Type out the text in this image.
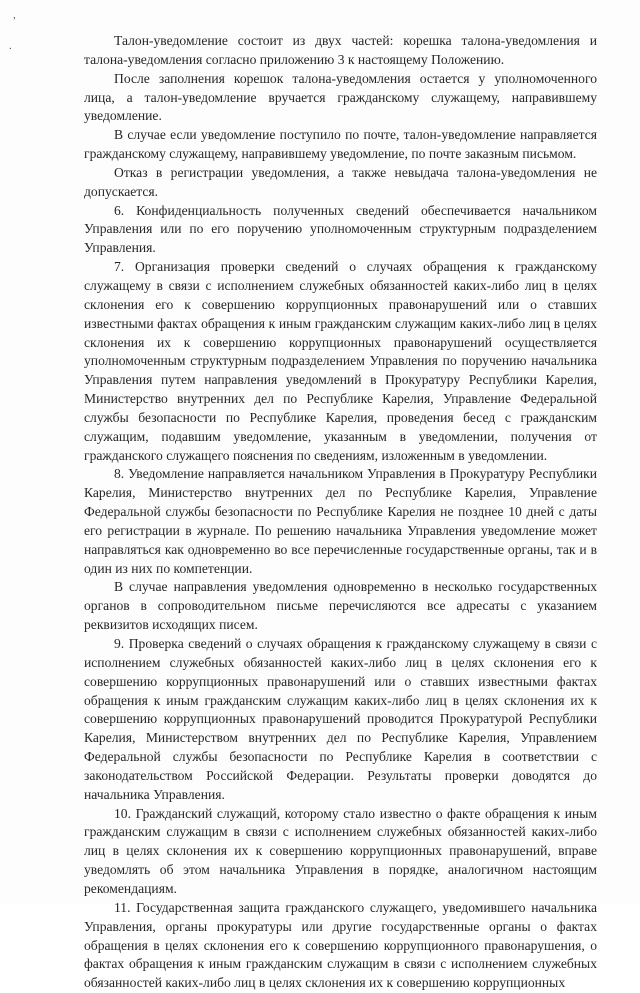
,
.	Талон-уведомление состоит из двух частей: корешка талона-уведомления и талона-уведомления согласно приложению 3 к настоящему Положению.

После заполнения корешок талона-уведомления остается у уполномоченного лица, а талон-уведомление вручается гражданскому служащему, направившему уведомление.

В случае если уведомление поступило по почте, талон-уведомление направляется гражданскому служащему, направившему уведомление, по почте заказным письмом.

Отказ в регистрации уведомления, а также невыдача талона-уведомления не допускается.

6. Конфиденциальность полученных сведений обеспечивается начальником Управления или по его поручению уполномоченным структурным подразделением Управления.

7. Организация проверки сведений о случаях обращения к гражданскому служащему в связи с исполнением служебных обязанностей каких-либо лиц в целях склонения его к совершению коррупционных правонарушений или о ставших известными фактах обращения к иным гражданским служащим каких-либо лиц в целях склонения их к совершению коррупционных правонарушений осуществляется уполномоченным структурным подразделением Управления по поручению начальника Управления путем направления уведомлений в Прокуратуру Республики Карелия, Министерство внутренних дел по Республике Карелия, Управление Федеральной службы безопасности по Республике Карелия, проведения бесед с гражданским служащим, подавшим уведомление, указанным в уведомлении, получения от гражданского служащего пояснения по сведениям, изложенным в уведомлении.

8. Уведомление направляется начальником Управления в Прокуратуру Республики Карелия, Министерство внутренних дел по Республике Карелия, Управление Федеральной службы безопасности по Республике Карелия не позднее 10 дней с даты его регистрации в журнале. По решению начальника Управления уведомление может направляться как одновременно во все перечисленные государственные органы, так и в один из них по компетенции.

В случае направления уведомления одновременно в несколько государственных органов в сопроводительном письме перечисляются все адресаты с указанием реквизитов исходящих писем.

9. Проверка сведений о случаях обращения к гражданскому служащему в связи с исполнением служебных обязанностей каких-либо лиц в целях склонения его к совершению коррупционных правонарушений или о ставших известными фактах обращения к иным гражданским служащим каких-либо лиц в целях склонения их к совершению коррупционных правонарушений проводится Прокуратурой Республики Карелия, Министерством внутренних дел по Республике Карелия, Управлением Федеральной службы безопасности по Республике Карелия в соответствии с законодательством Российской Федерации. Результаты проверки доводятся до начальника Управления.

10. Гражданский служащий, которому стало известно о факте обращения к иным гражданским служащим в связи с исполнением служебных обязанностей каких-либо лиц в целях склонения их к совершению коррупционных правонарушений, вправе уведомлять об этом начальника Управления в порядке, аналогичном настоящим рекомендациям.

11. Государственная защита гражданского служащего, уведомившего начальника Управления, органы прокуратуры или другие государственные органы о фактах обращения в целях склонения его к совершению коррупционного правонарушения, о фактах обращения к иным гражданским служащим в связи с исполнением служебных обязанностей каких-либо лиц в целях склонения их к совершению коррупционных
